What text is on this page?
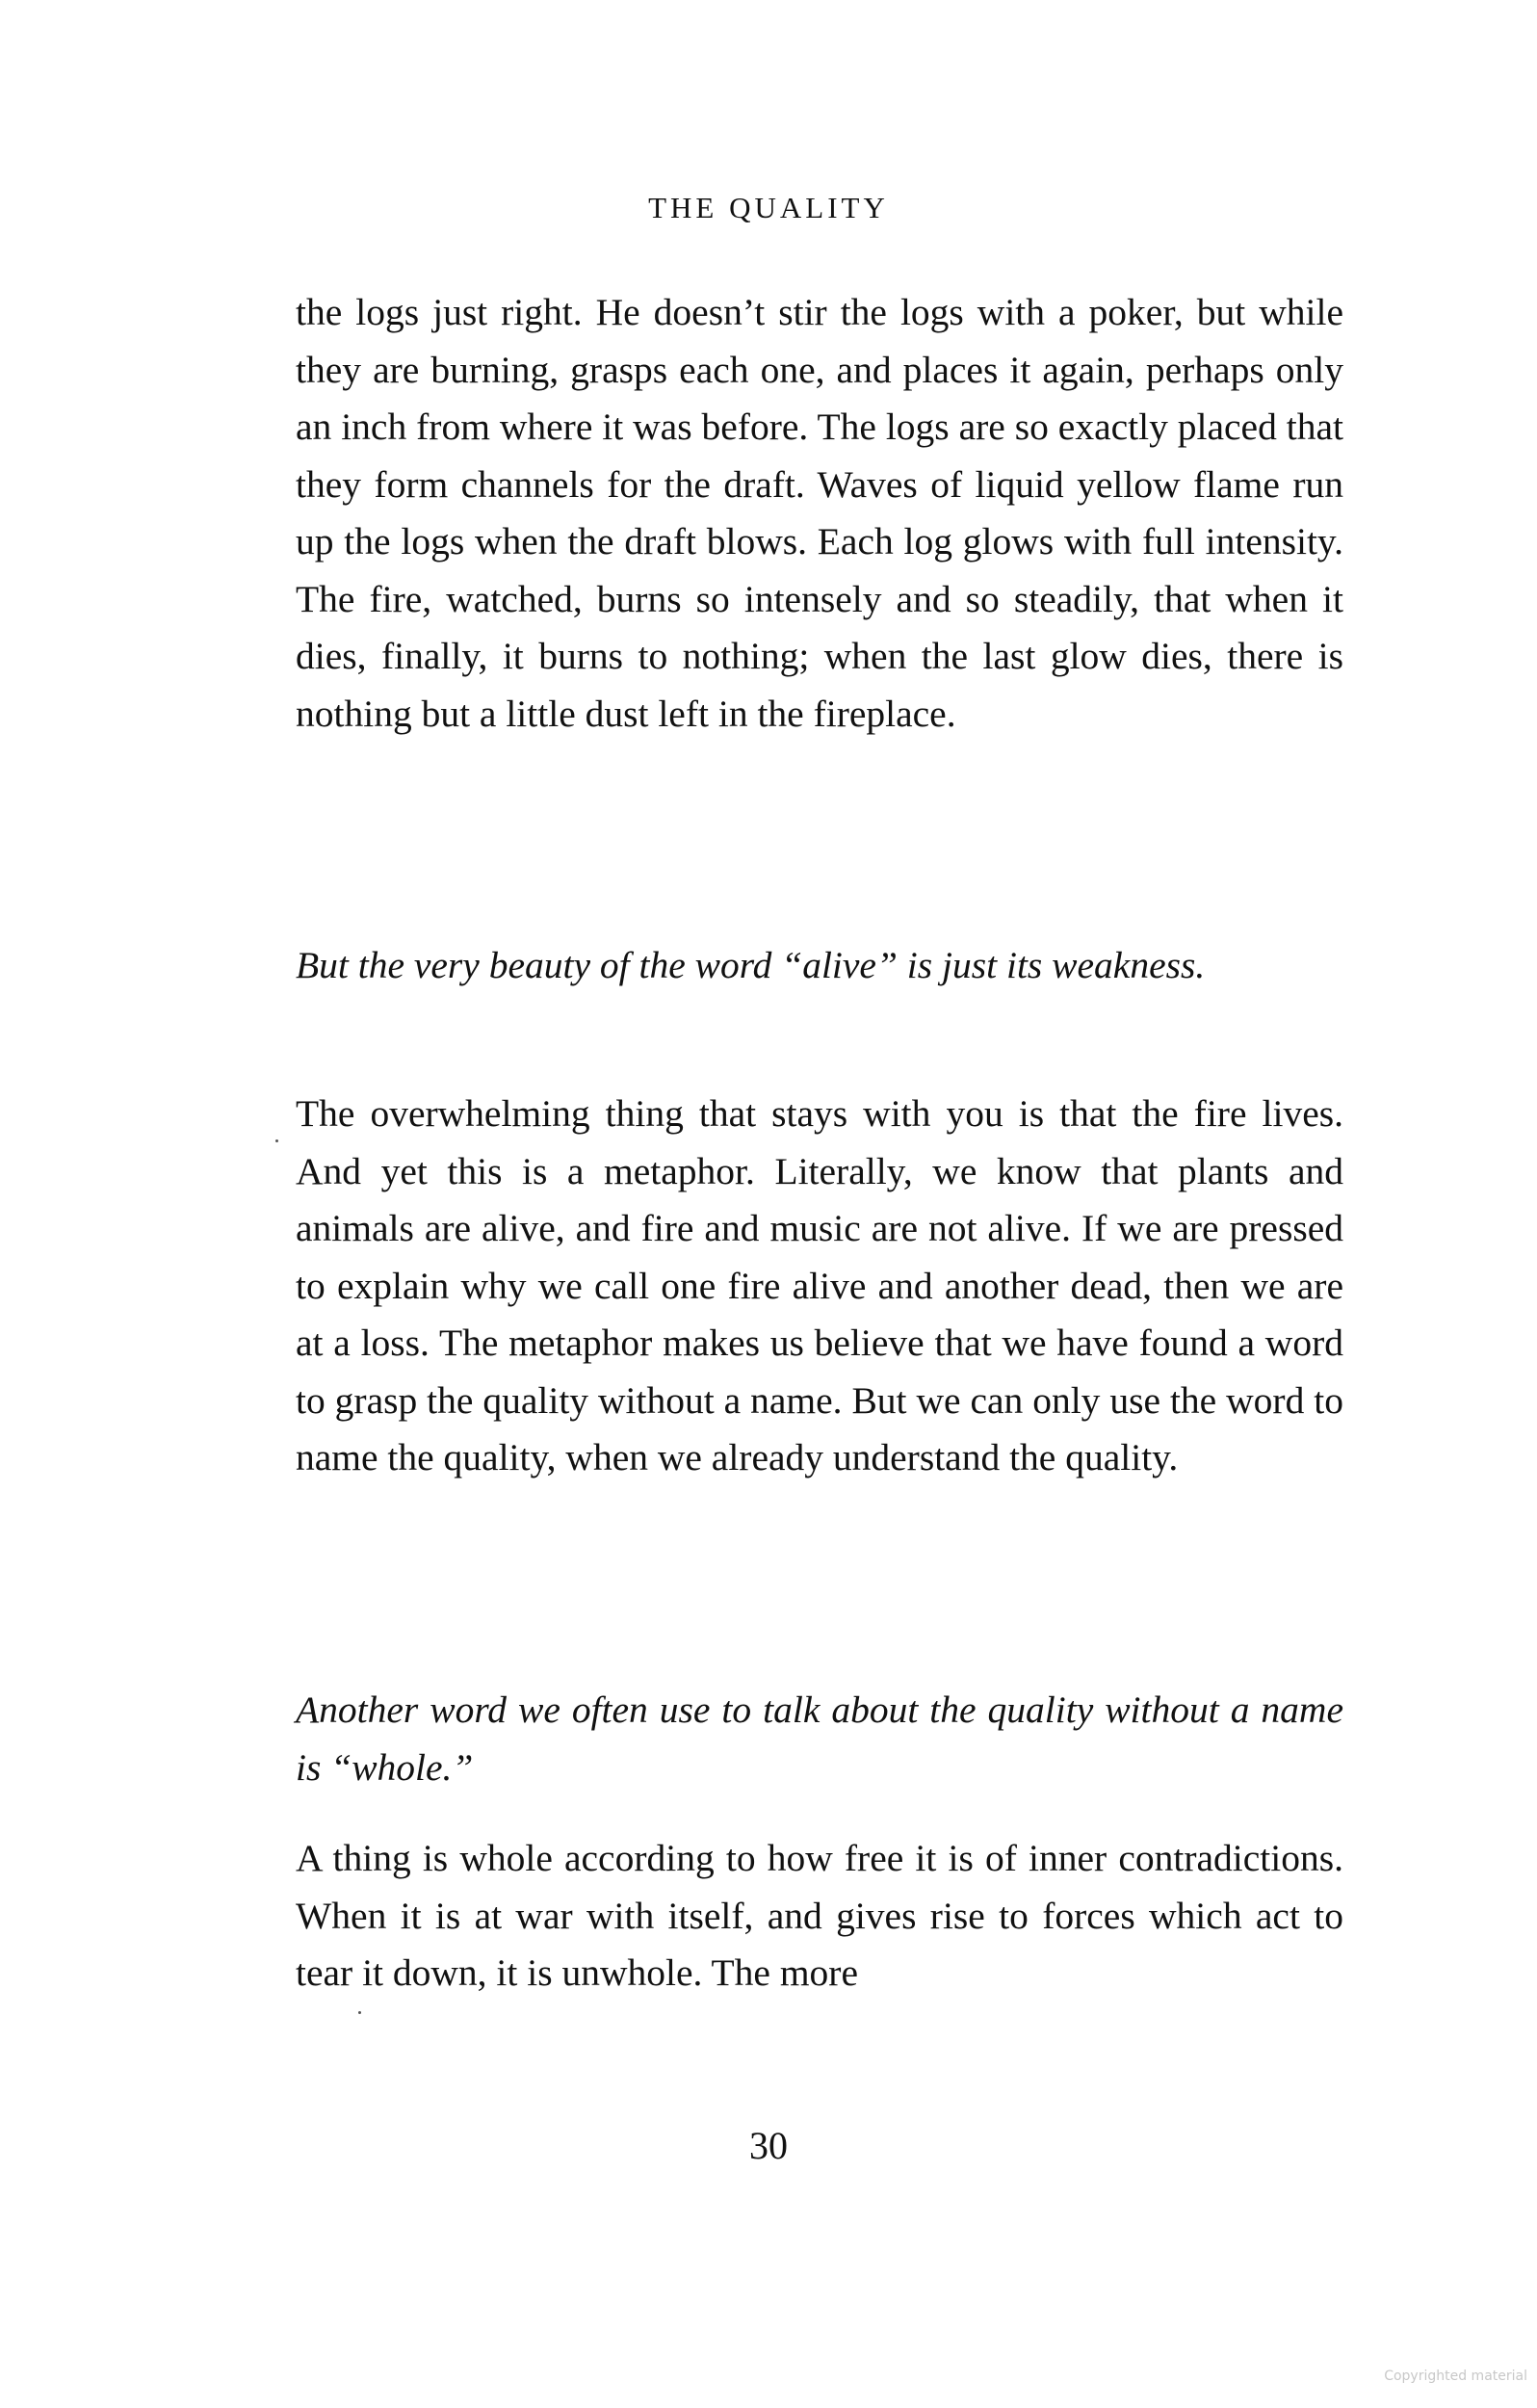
THE QUALITY

the logs just right. He doesn’t stir the logs with a poker, but while they are burning, grasps each one, and places it again, perhaps only an inch from where it was before. The logs are so exactly placed that they form channels for the draft. Waves of liquid yellow flame run up the logs when the draft blows. Each log glows with full intensity. The fire, watched, burns so intensely and so steadily, that when it dies, finally, it burns to nothing; when the last glow dies, there is nothing but a little dust left in the fireplace.

But the very beauty of the word “alive” is just its weakness.

The overwhelming thing that stays with you is that the fire lives. And yet this is a metaphor. Literally, we know that plants and animals are alive, and fire and music are not alive. If we are pressed to explain why we call one fire alive and another dead, then we are at a loss. The metaphor makes us believe that we have found a word to grasp the quality without a name. But we can only use the word to name the quality, when we already understand the quality.

Another word we often use to talk about the quality without a name is “whole.”

A thing is whole according to how free it is of inner contradictions. When it is at war with itself, and gives rise to forces which act to tear it down, it is unwhole. The more

30

Copyrighted material
